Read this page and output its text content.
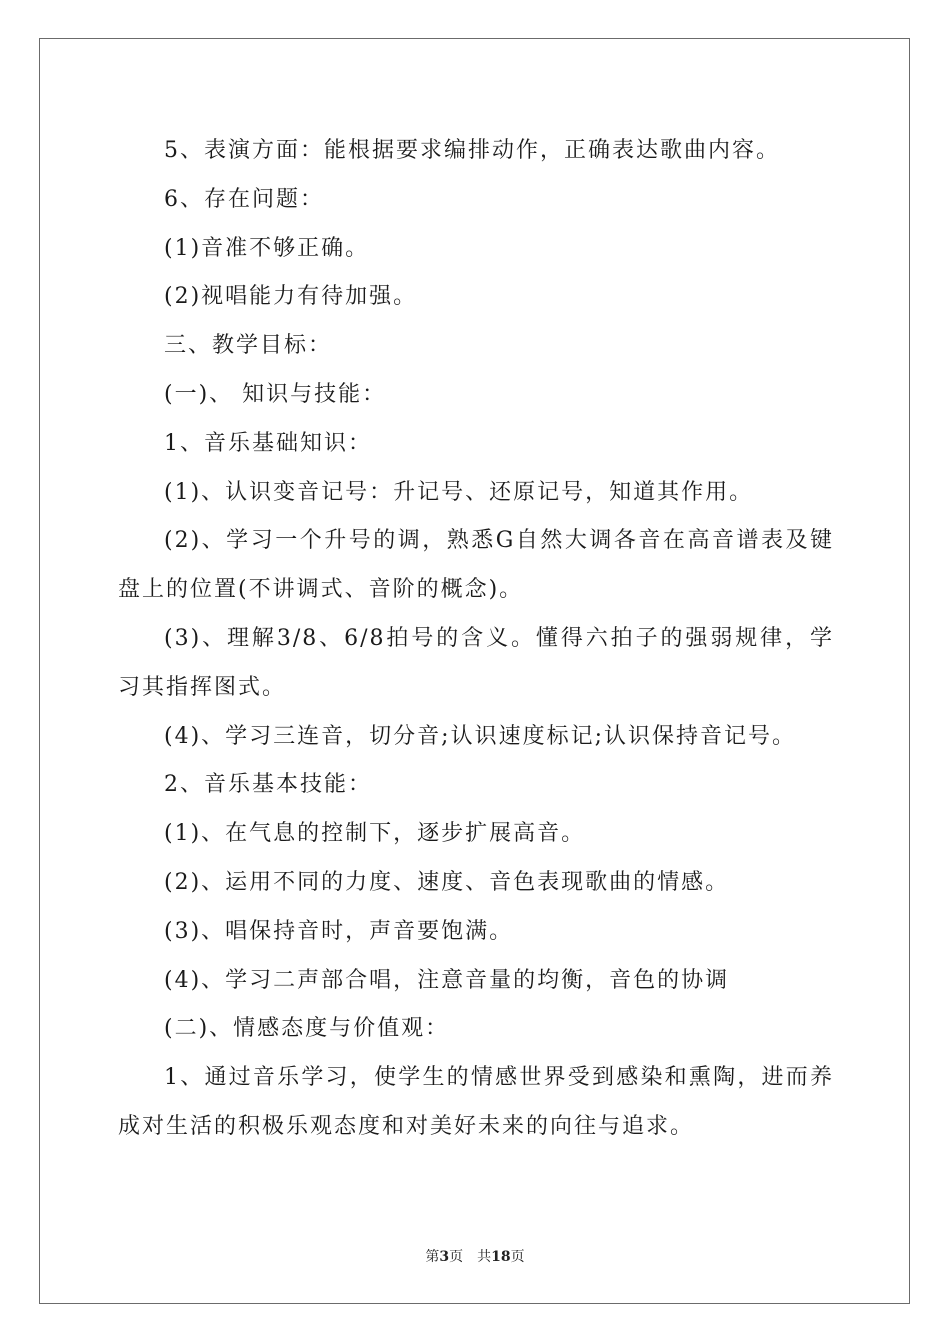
5、表演方面：能根据要求编排动作，正确表达歌曲内容。

6、存在问题：

(1)音准不够正确。

(2)视唱能力有待加强。

三、教学目标：

(一)、 知识与技能：

1、音乐基础知识：

(1)、认识变音记号：升记号、还原记号，知道其作用。

(2)、学习一个升号的调，熟悉G自然大调各音在高音谱表及键盘上的位置(不讲调式、音阶的概念)。

(3)、理解3/8、6/8拍号的含义。懂得六拍子的强弱规律，学习其指挥图式。

(4)、学习三连音，切分音;认识速度标记;认识保持音记号。

2、音乐基本技能：

(1)、在气息的控制下，逐步扩展高音。

(2)、运用不同的力度、速度、音色表现歌曲的情感。

(3)、唱保持音时，声音要饱满。

(4)、学习二声部合唱，注意音量的均衡，音色的协调

(二)、情感态度与价值观：

1、通过音乐学习，使学生的情感世界受到感染和熏陶，进而养成对生活的积极乐观态度和对美好未来的向往与追求。

第3页 共18页
